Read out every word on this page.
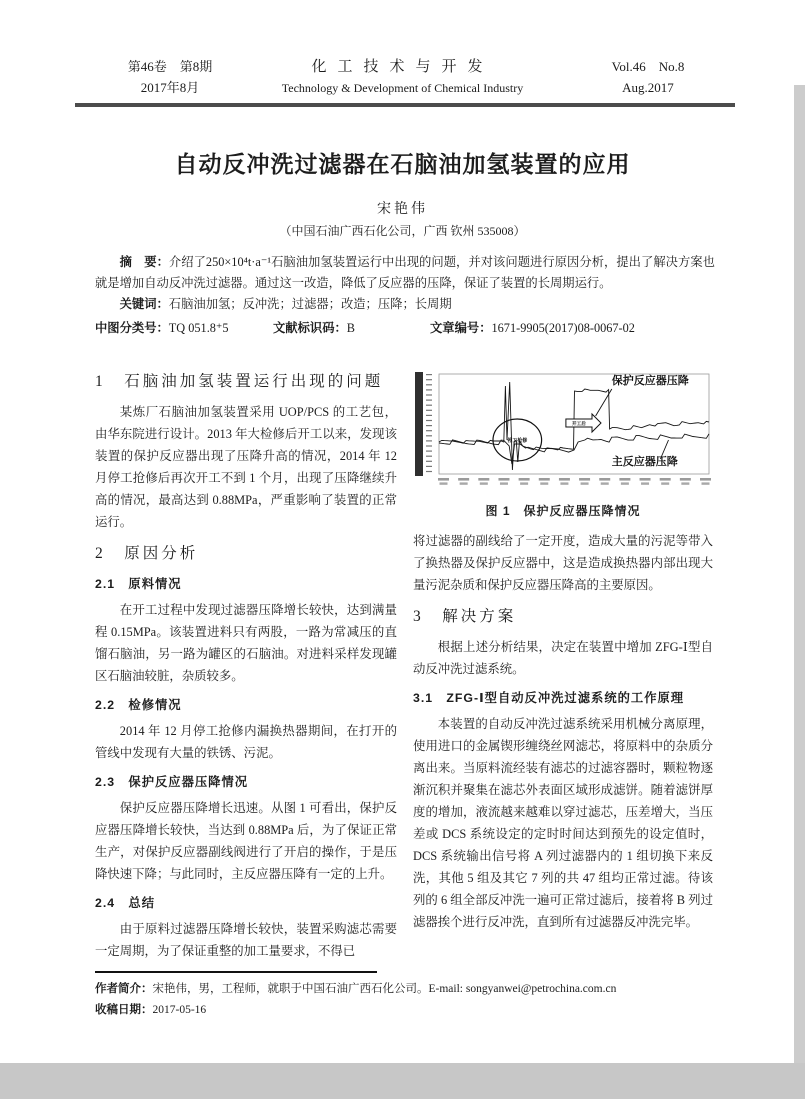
第46卷　第8期
2017年8月
化工技术与开发
Technology & Development of Chemical Industry
Vol.46　No.8
Aug.2017
自动反冲洗过滤器在石脑油加氢装置的应用
宋艳伟
（中国石油广西石化公司，广西 钦州 535008）

摘　要：介绍了250×10⁴t·a⁻¹石脑油加氢装置运行中出现的问题，并对该问题进行原因分析，提出了解决方案也就是增加自动反冲洗过滤器。通过这一改造，降低了反应器的压降，保证了装置的长周期运行。

关键词：石脑油加氢；反冲洗；过滤器；改造；压降；长周期

中图分类号：TQ 051.8⁺5	文献标识码：B	文章编号：1671-9905(2017)08-0067-02
1　石脑油加氢装置运行出现的问题

某炼厂石脑油加氢装置采用 UOP/PCS 的工艺包，由华东院进行设计。2013 年大检修后开工以来，发现该装置的保护反应器出现了压降升高的情况，2014 年 12 月停工抢修后再次开工不到 1 个月，出现了压降继续升高的情况，最高达到 0.88MPa，严重影响了装置的正常运行。

2　原因分析
2.1　原料情况

在开工过程中发现过滤器压降增长较快，达到满量程 0.15MPa。该装置进料只有两股，一路为常减压的直馏石脑油，另一路为罐区的石脑油。对进料采样发现罐区石脑油较脏，杂质较多。

2.2　检修情况

2014 年 12 月停工抢修内漏换热器期间，在打开的管线中发现有大量的铁锈、污泥。

2.3　保护反应器压降情况

保护反应器压降增长迅速。从图 1 可看出，保护反应器压降增长较快，当达到 0.88MPa 后，为了保证正常生产，对保护反应器副线阀进行了开启的操作，于是压降快速下降；与此同时，主反应器压降有一定的上升。

2.4　总结

由于原料过滤器压降增长较快，装置采购滤芯需要一定周期，为了保证重整的加工量要求，不得已

停工抢修
开工后
保护反应器压降
主反应器压降
图 1　保护反应器压降情况

将过滤器的副线给了一定开度，造成大量的污泥等带入了换热器及保护反应器中，这是造成换热器内部出现大量污泥杂质和保护反应器压降高的主要原因。

3　解决方案

根据上述分析结果，决定在装置中增加 ZFG-Ⅰ型自动反冲洗过滤系统。

3.1　ZFG-Ⅰ型自动反冲洗过滤系统的工作原理

本装置的自动反冲洗过滤系统采用机械分离原理，使用进口的金属锲形缠绕丝网滤芯，将原料中的杂质分离出来。当原料流经装有滤芯的过滤容器时，颗粒物逐渐沉积并聚集在滤芯外表面区域形成滤饼。随着滤饼厚度的增加，液流越来越难以穿过滤芯，压差增大，当压差或 DCS 系统设定的定时时间达到预先的设定值时，DCS 系统输出信号将 A 列过滤器内的 1 组切换下来反洗，其他 5 组及其它 7 列的共 47 组均正常过滤。待该列的 6 组全部反冲洗一遍可正常过滤后，接着将 B 列过滤器挨个进行反冲洗，直到所有过滤器反冲洗完毕。

作者简介：宋艳伟，男，工程师，就职于中国石油广西石化公司。E-mail: songyanwei@petrochina.com.cn

收稿日期：2017-05-16
